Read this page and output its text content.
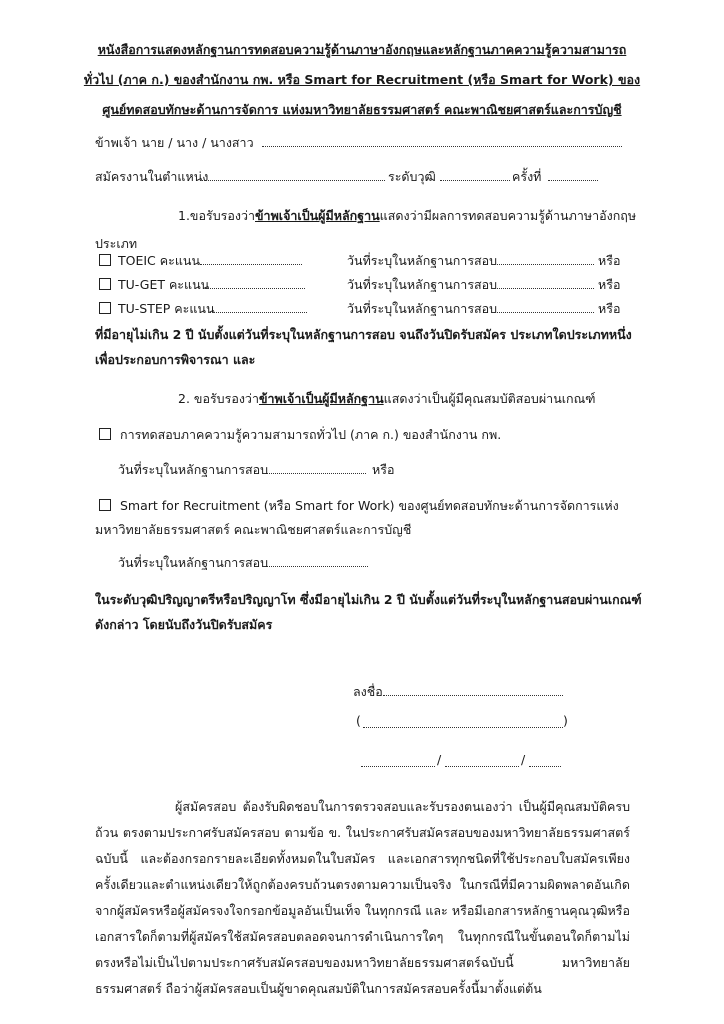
หนังสือการแสดงหลักฐานการทดสอบความรู้ด้านภาษาอังกฤษและหลักฐานภาคความรู้ความสามารถ
ทั่วไป (ภาค ก.) ของสำนักงาน กพ. หรือ Smart for Recruitment (หรือ Smart for Work) ของ
ศูนย์ทดสอบทักษะด้านการจัดการ แห่งมหาวิทยาลัยธรรมศาสตร์ คณะพาณิชยศาสตร์และการบัญชี
ข้าพเจ้า นาย / นาง / นางสาว
สมัครงานในตำแหน่ง	ระดับวุฒิ	ครั้งที่
1.ขอรับรองว่าข้าพเจ้าเป็นผู้มีหลักฐานแสดงว่ามีผลการทดสอบความรู้ด้านภาษาอังกฤษ
ประเภท
TOEIC คะแนน	วันที่ระบุในหลักฐานการสอบ	หรือ
TU-GET คะแนน	วันที่ระบุในหลักฐานการสอบ	หรือ
TU-STEP คะแนน	วันที่ระบุในหลักฐานการสอบ	หรือ
ที่มีอายุไม่เกิน 2 ปี นับตั้งแต่วันที่ระบุในหลักฐานการสอบ จนถึงวันปิดรับสมัคร ประเภทใดประเภทหนึ่ง
เพื่อประกอบการพิจารณา และ
2. ขอรับรองว่าข้าพเจ้าเป็นผู้มีหลักฐานแสดงว่าเป็นผู้มีคุณสมบัติสอบผ่านเกณฑ์
การทดสอบภาคความรู้ความสามารถทั่วไป (ภาค ก.) ของสำนักงาน กพ.
วันที่ระบุในหลักฐานการสอบ	หรือ
Smart for Recruitment (หรือ Smart for Work) ของศูนย์ทดสอบทักษะด้านการจัดการแห่ง
มหาวิทยาลัยธรรมศาสตร์ คณะพาณิชยศาสตร์และการบัญชี
วันที่ระบุในหลักฐานการสอบ
ในระดับวุฒิปริญญาตรีหรือปริญญาโท ซึ่งมีอายุไม่เกิน 2 ปี นับตั้งแต่วันที่ระบุในหลักฐานสอบผ่านเกณฑ์
ดังกล่าว โดยนับถึงวันปิดรับสมัคร
ลงชื่อ
(	)
/	/
ผู้สมัครสอบ ต้องรับผิดชอบในการตรวจสอบและรับรองตนเองว่า เป็นผู้มีคุณสมบัติครบถ้วน ตรงตามประกาศรับสมัครสอบ ตามข้อ ข. ในประกาศรับสมัครสอบของมหาวิทยาลัยธรรมศาสตร์ฉบับนี้ และต้องกรอกรายละเอียดทั้งหมดในใบสมัคร และเอกสารทุกชนิดที่ใช้ประกอบใบสมัครเพียงครั้งเดียวและตำแหน่งเดียวให้ถูกต้องครบถ้วนตรงตามความเป็นจริง ในกรณีที่มีความผิดพลาดอันเกิดจากผู้สมัครหรือผู้สมัครจงใจกรอกข้อมูลอันเป็นเท็จ ในทุกกรณี และ หรือมีเอกสารหลักฐานคุณวุฒิหรือเอกสารใดก็ตามที่ผู้สมัครใช้สมัครสอบตลอดจนการดำเนินการใดๆ ในทุกกรณีในขั้นตอนใดก็ตามไม่ตรงหรือไม่เป็นไปตามประกาศรับสมัครสอบของมหาวิทยาลัยธรรมศาสตร์ฉบับนี้ มหาวิทยาลัยธรรมศาสตร์ ถือว่าผู้สมัครสอบเป็นผู้ขาดคุณสมบัติในการสมัครสอบครั้งนี้มาตั้งแต่ต้น
